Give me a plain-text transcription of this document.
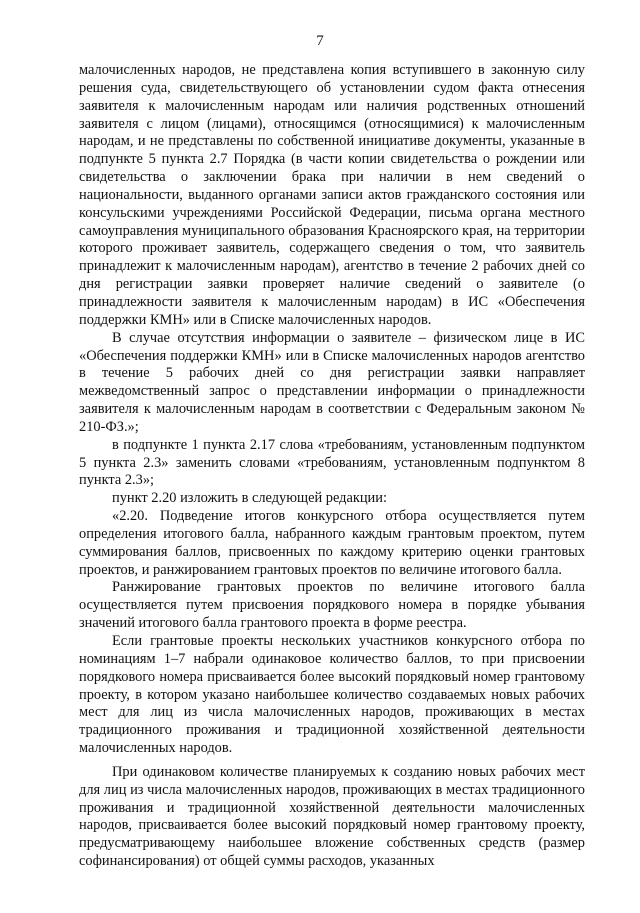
7

малочисленных народов, не представлена копия вступившего в законную силу решения суда, свидетельствующего об установлении судом факта отнесения заявителя к малочисленным народам или наличия родственных отношений заявителя с лицом (лицами), относящимся (относящимися) к малочисленным народам, и не представлены по собственной инициативе документы, указанные в подпункте 5 пункта 2.7 Порядка (в части копии свидетельства о рождении или свидетельства о заключении брака при наличии в нем сведений о национальности, выданного органами записи актов гражданского состояния или консульскими учреждениями Российской Федерации, письма органа местного самоуправления муниципального образования Красноярского края, на территории которого проживает заявитель, содержащего сведения о том, что заявитель принадлежит к малочисленным народам), агентство в течение 2 рабочих дней со дня регистрации заявки проверяет наличие сведений о заявителе (о принадлежности заявителя к малочисленным народам) в ИС «Обеспечения поддержки КМН» или в Списке малочисленных народов.

В случае отсутствия информации о заявителе – физическом лице в ИС «Обеспечения поддержки КМН» или в Списке малочисленных народов агентство в течение 5 рабочих дней со дня регистрации заявки направляет межведомственный запрос о представлении информации о принадлежности заявителя к малочисленным народам в соответствии с Федеральным законом № 210-ФЗ.»;

в подпункте 1 пункта 2.17 слова «требованиям, установленным подпунктом 5 пункта 2.3» заменить словами «требованиям, установленным подпунктом 8 пункта 2.3»;

пункт 2.20 изложить в следующей редакции:

«2.20. Подведение итогов конкурсного отбора осуществляется путем определения итогового балла, набранного каждым грантовым проектом, путем суммирования баллов, присвоенных по каждому критерию оценки грантовых проектов, и ранжированием грантовых проектов по величине итогового балла.

Ранжирование грантовых проектов по величине итогового балла осуществляется путем присвоения порядкового номера в порядке убывания значений итогового балла грантового проекта в форме реестра.

Если грантовые проекты нескольких участников конкурсного отбора по номинациям 1–7 набрали одинаковое количество баллов, то при присвоении порядкового номера присваивается более высокий порядковый номер грантовому проекту, в котором указано наибольшее количество создаваемых новых рабочих мест для лиц из числа малочисленных народов, проживающих в местах традиционного проживания и традиционной хозяйственной деятельности малочисленных народов.

При одинаковом количестве планируемых к созданию новых рабочих мест для лиц из числа малочисленных народов, проживающих в местах традиционного проживания и традиционной хозяйственной деятельности малочисленных народов, присваивается более высокий порядковый номер грантовому проекту, предусматривающему наибольшее вложение собственных средств (размер софинансирования) от общей суммы расходов, указанных
